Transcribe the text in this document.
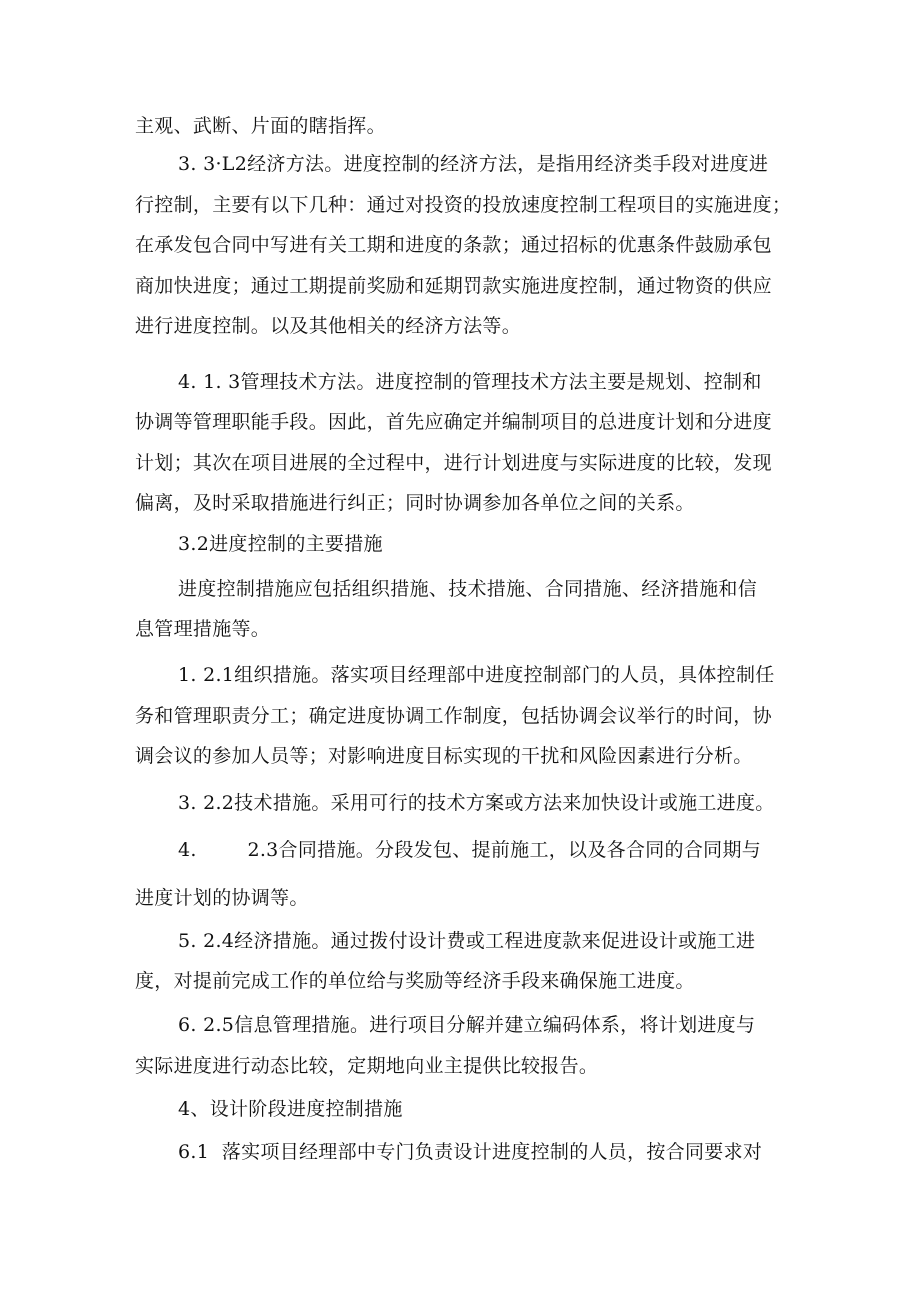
主观、武断、片面的瞎指挥。
3. 3·L2经济方法。进度控制的经济方法，是指用经济类手段对进度进
行控制，主要有以下几种：通过对投资的投放速度控制工程项目的实施进度；
在承发包合同中写进有关工期和进度的条款；通过招标的优惠条件鼓励承包
商加快进度；通过工期提前奖励和延期罚款实施进度控制，通过物资的供应
进行进度控制。以及其他相关的经济方法等。
4. 1. 3管理技术方法。进度控制的管理技术方法主要是规划、控制和
协调等管理职能手段。因此，首先应确定并编制项目的总进度计划和分进度
计划；其次在项目进展的全过程中，进行计划进度与实际进度的比较，发现
偏离，及时采取措施进行纠正；同时协调参加各单位之间的关系。
3.2进度控制的主要措施
进度控制措施应包括组织措施、技术措施、合同措施、经济措施和信
息管理措施等。
1. 2.1组织措施。落实项目经理部中进度控制部门的人员，具体控制任
务和管理职责分工；确定进度协调工作制度，包括协调会议举行的时间，协
调会议的参加人员等；对影响进度目标实现的干扰和风险因素进行分析。
3. 2.2技术措施。采用可行的技术方案或方法来加快设计或施工进度。
4.        2.3合同措施。分段发包、提前施工，以及各合同的合同期与
进度计划的协调等。
5. 2.4经济措施。通过拨付设计费或工程进度款来促进设计或施工进
度，对提前完成工作的单位给与奖励等经济手段来确保施工进度。
6. 2.5信息管理措施。进行项目分解并建立编码体系，将计划进度与
实际进度进行动态比较，定期地向业主提供比较报告。
4、设计阶段进度控制措施
6.1  落实项目经理部中专门负责设计进度控制的人员，按合同要求对
